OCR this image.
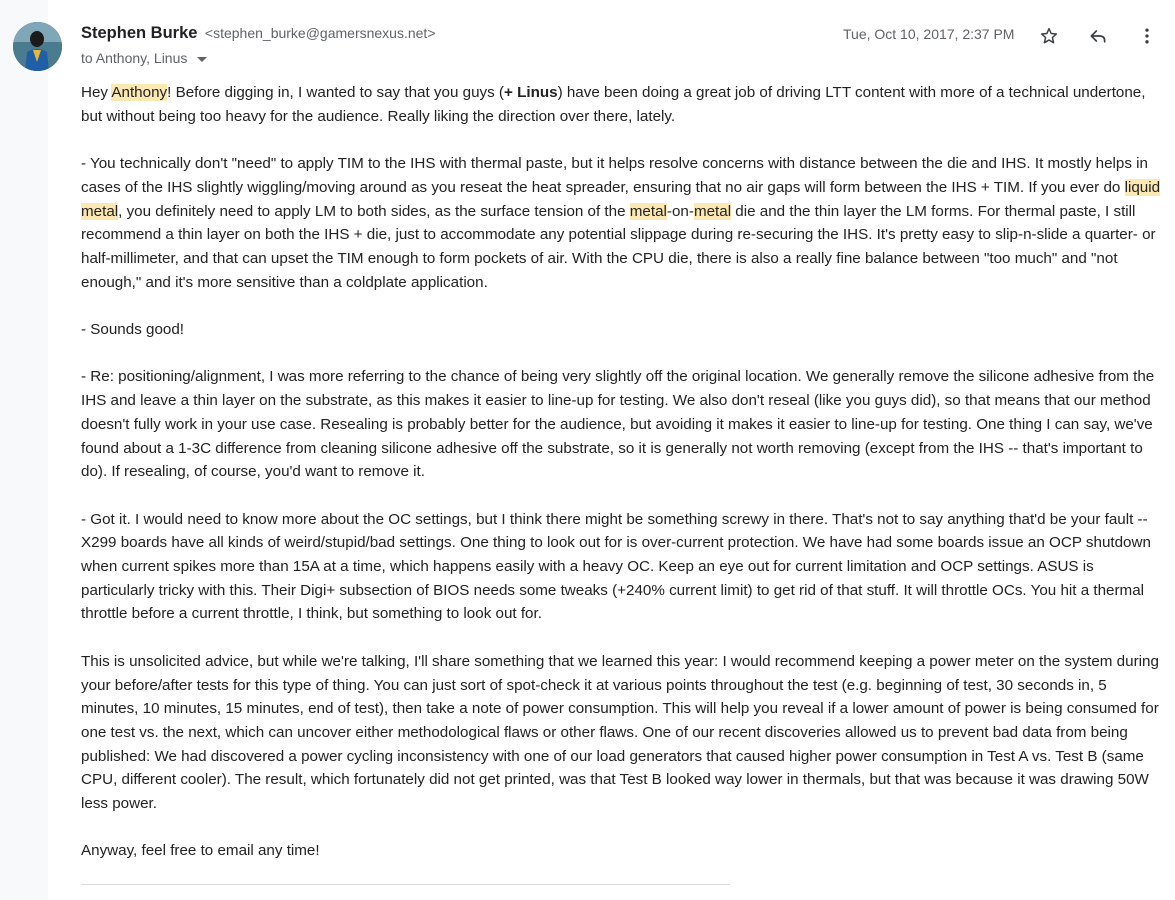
Stephen Burke <stephen_burke@gamersnexus.net>
to Anthony, Linus
Tue, Oct 10, 2017, 2:37 PM

Hey Anthony! Before digging in, I wanted to say that you guys (+ Linus) have been doing a great job of driving LTT content with more of a technical undertone, but without being too heavy for the audience. Really liking the direction over there, lately.

- You technically don't "need" to apply TIM to the IHS with thermal paste, but it helps resolve concerns with distance between the die and IHS. It mostly helps in cases of the IHS slightly wiggling/moving around as you reseat the heat spreader, ensuring that no air gaps will form between the IHS + TIM. If you ever do liquid metal, you definitely need to apply LM to both sides, as the surface tension of the metal-on-metal die and the thin layer the LM forms. For thermal paste, I still recommend a thin layer on both the IHS + die, just to accommodate any potential slippage during re-securing the IHS. It's pretty easy to slip-n-slide a quarter- or half-millimeter, and that can upset the TIM enough to form pockets of air. With the CPU die, there is also a really fine balance between "too much" and "not enough," and it's more sensitive than a coldplate application.

- Sounds good!

- Re: positioning/alignment, I was more referring to the chance of being very slightly off the original location. We generally remove the silicone adhesive from the IHS and leave a thin layer on the substrate, as this makes it easier to line-up for testing. We also don't reseal (like you guys did), so that means that our method doesn't fully work in your use case. Resealing is probably better for the audience, but avoiding it makes it easier to line-up for testing. One thing I can say, we've found about a 1-3C difference from cleaning silicone adhesive off the substrate, so it is generally not worth removing (except from the IHS -- that's important to do). If resealing, of course, you'd want to remove it.

- Got it. I would need to know more about the OC settings, but I think there might be something screwy in there. That's not to say anything that'd be your fault -- X299 boards have all kinds of weird/stupid/bad settings. One thing to look out for is over-current protection. We have had some boards issue an OCP shutdown when current spikes more than 15A at a time, which happens easily with a heavy OC. Keep an eye out for current limitation and OCP settings. ASUS is particularly tricky with this. Their Digi+ subsection of BIOS needs some tweaks (+240% current limit) to get rid of that stuff. It will throttle OCs. You hit a thermal throttle before a current throttle, I think, but something to look out for.

This is unsolicited advice, but while we're talking, I'll share something that we learned this year: I would recommend keeping a power meter on the system during your before/after tests for this type of thing. You can just sort of spot-check it at various points throughout the test (e.g. beginning of test, 30 seconds in, 5 minutes, 10 minutes, 15 minutes, end of test), then take a note of power consumption. This will help you reveal if a lower amount of power is being consumed for one test vs. the next, which can uncover either methodological flaws or other flaws. One of our recent discoveries allowed us to prevent bad data from being published: We had discovered a power cycling inconsistency with one of our load generators that caused higher power consumption in Test A vs. Test B (same CPU, different cooler). The result, which fortunately did not get printed, was that Test B looked way lower in thermals, but that was because it was drawing 50W less power.

Anyway, feel free to email any time!
